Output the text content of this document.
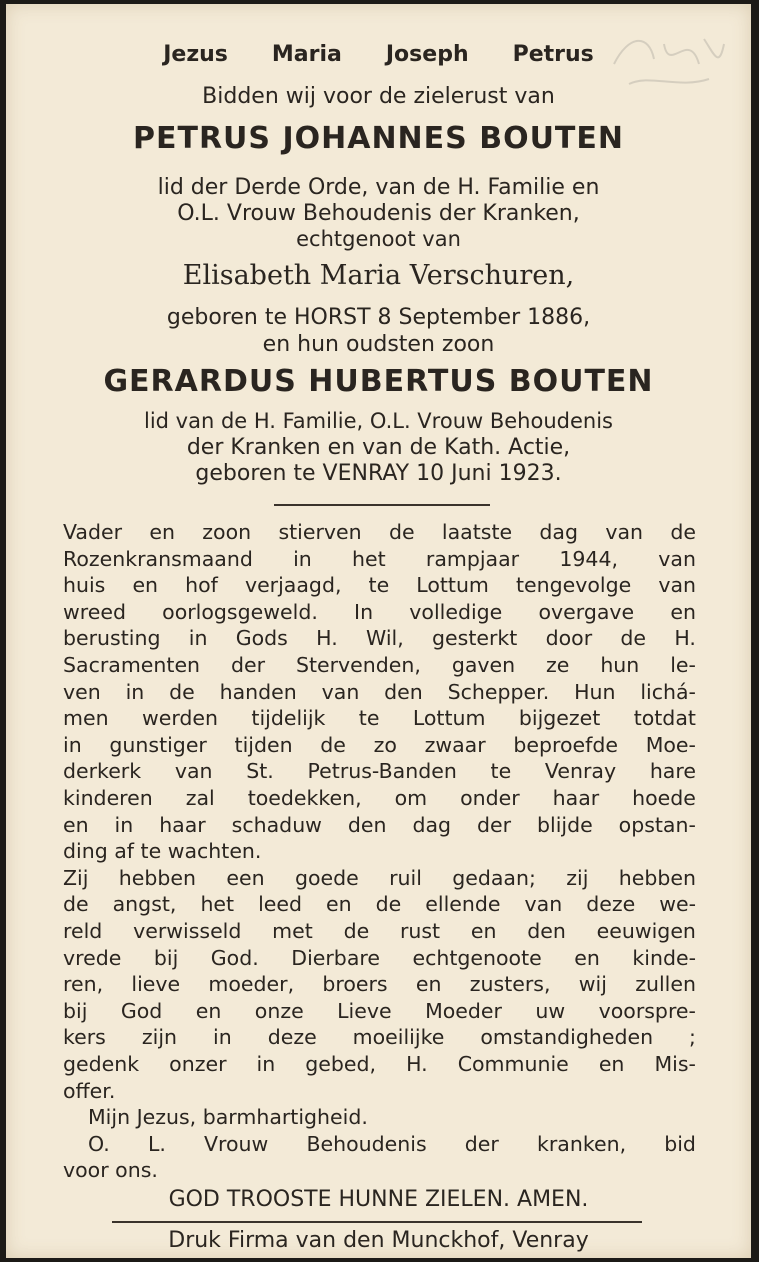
Jezus Maria Joseph Petrus
Bidden wij voor de zielerust van
PETRUS JOHANNES BOUTEN
lid der Derde Orde, van de H. Familie en
O.L. Vrouw Behoudenis der Kranken,
echtgenoot van
Elisabeth Maria Verschuren,
geboren te HORST 8 September 1886,
en hun oudsten zoon
GERARDUS HUBERTUS BOUTEN
lid van de H. Familie, O.L. Vrouw Behoudenis
der Kranken en van de Kath. Actie,
geboren te VENRAY 10 Juni 1923.
GOD TROOSTE HUNNE ZIELEN. AMEN.
Druk Firma van den Munckhof, Venray
Vader en zoon stierven de laatste dag van de
Rozenkransmaand in het rampjaar 1944, van
huis en hof verjaagd, te Lottum tengevolge van
wreed oorlogsgeweld. In volledige overgave en
berusting in Gods H. Wil, gesterkt door de H.
Sacramenten der Stervenden, gaven ze hun le-
ven in de handen van den Schepper. Hun lichá-
men werden tijdelijk te Lottum bijgezet totdat
in gunstiger tijden de zo zwaar beproefde Moe-
derkerk van St. Petrus-Banden te Venray hare
kinderen zal toedekken, om onder haar hoede
en in haar schaduw den dag der blijde opstan-
ding af te wachten.
Zij hebben een goede ruil gedaan; zij hebben
de angst, het leed en de ellende van deze we-
reld verwisseld met de rust en den eeuwigen
vrede bij God. Dierbare echtgenoote en kinde-
ren, lieve moeder, broers en zusters, wij zullen
bij God en onze Lieve Moeder uw voorspre-
kers zijn in deze moeilijke omstandigheden ;
gedenk onzer in gebed, H. Communie en Mis-
offer.
Mijn Jezus, barmhartigheid.
O. L. Vrouw Behoudenis der kranken, bid
voor ons.
